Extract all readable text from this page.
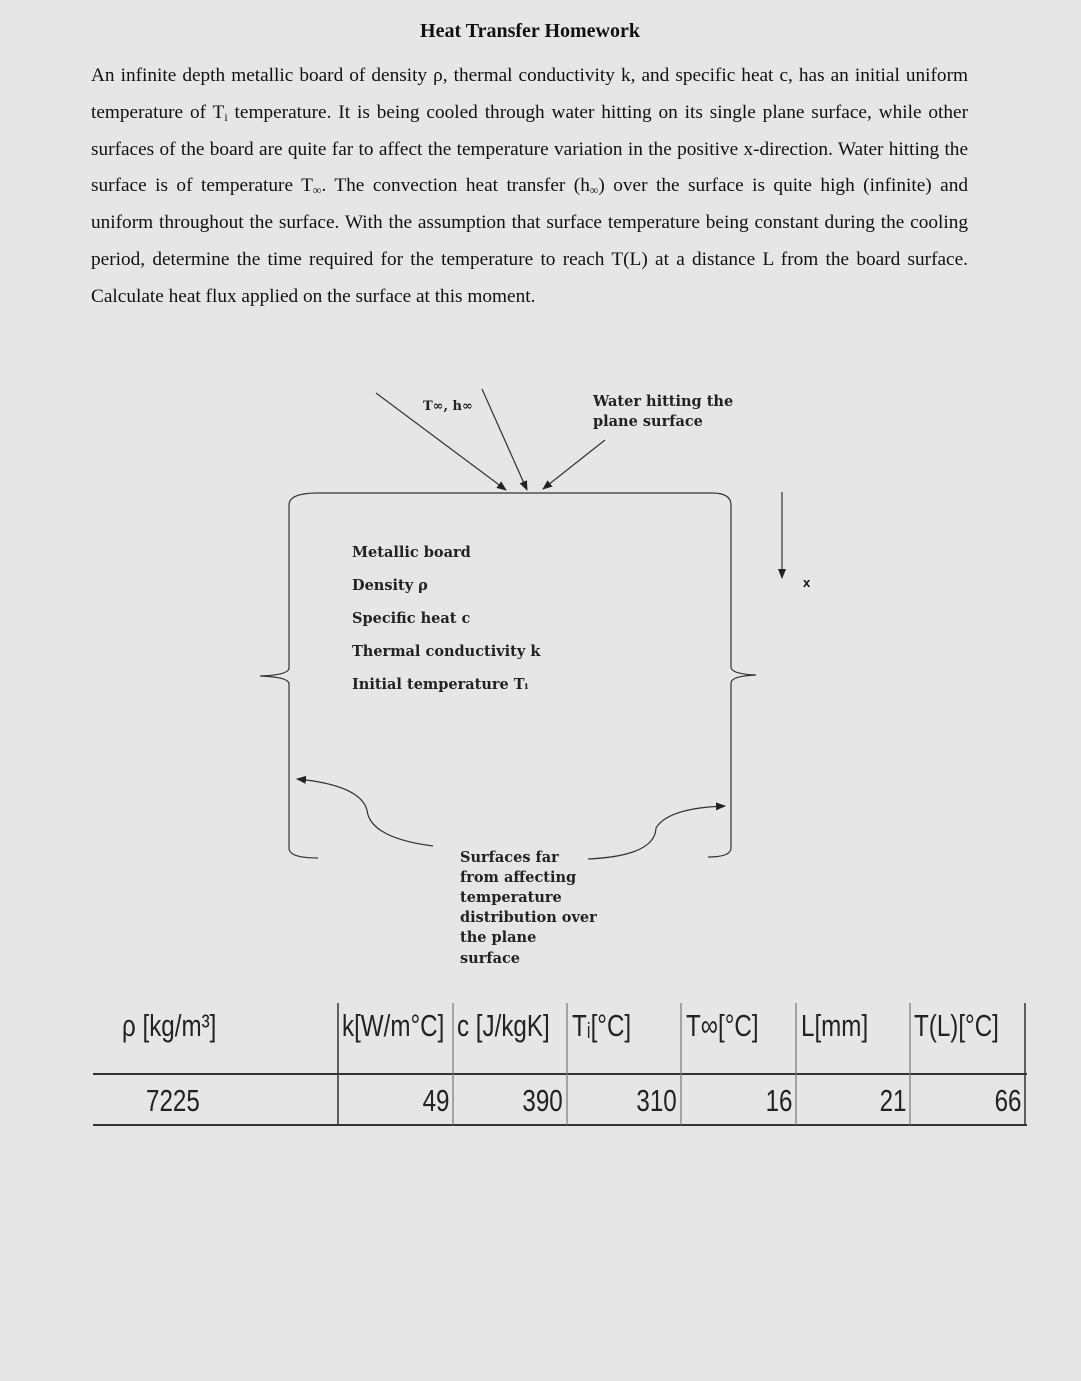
Heat Transfer Homework

An infinite depth metallic board of density ρ, thermal conductivity k, and specific heat c, has an initial uniform temperature of $T_i$ temperature. It is being cooled through water hitting on its single plane surface, while other surfaces of the board are quite far to affect the temperature variation in the positive x-direction. Water hitting the surface is of temperature $T_\infty$. The convection heat transfer $(h_\infty)$ over the surface is quite high (infinite) and uniform throughout the surface. With the assumption that surface temperature being constant during the cooling period, determine the time required for the temperature to reach T(L) at a distance L from the board surface. Calculate heat flux applied on the surface at this moment.

T∞, h∞	Water hitting the
plane surface
Metallic board
Density ρ
Specific heat c
Thermal conductivity k
Initial temperature Tᵢ
x
Surfaces far
from affecting
temperature
distribution over
the plane
surface
ρ [kg/m³]	k[W/m°C] c [J/kgK] Tᵢ[°C] T∞[°C] L[mm] T(L)[°C]
7225	49 390 310	16	21	66
